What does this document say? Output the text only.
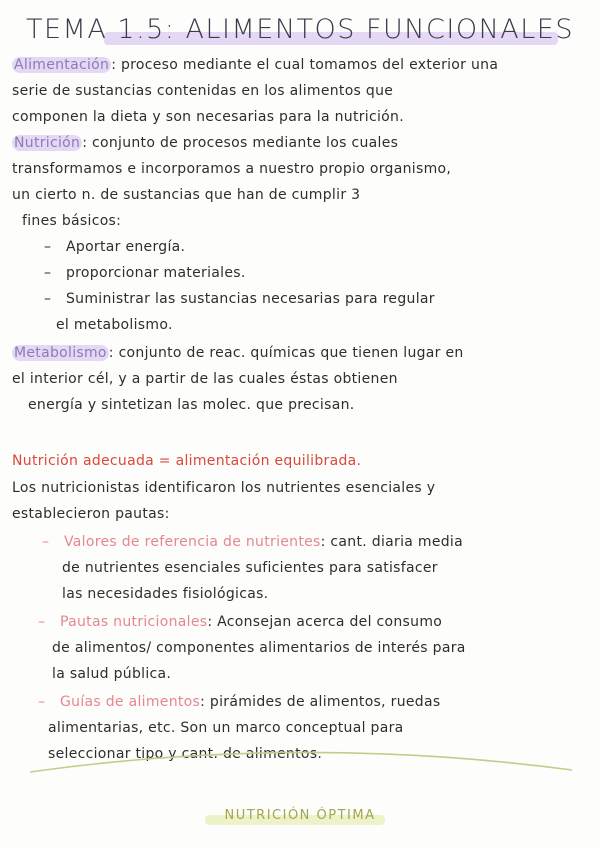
TEMA 1.5: ALIMENTOS FUNCIONALES
Alimentación : proceso mediante el cual tomamos del exterior una
serie de sustancias contenidas en los alimentos que
componen la dieta y son necesarias para la nutrición.
Nutrición : conjunto de procesos mediante los cuales
transformamos e incorporamos a nuestro propio organismo,
un cierto n. de sustancias que han de cumplir 3
fines básicos:
– Aportar energía.
– proporcionar materiales.
– Suministrar las sustancias necesarias para regular
el metabolismo.
Metabolismo : conjunto de reac. químicas que tienen lugar en
el interior cél, y a partir de las cuales éstas obtienen
energía y sintetizan las molec. que precisan.
Nutrición adecuada = alimentación equilibrada.
Los nutricionistas identificaron los nutrientes esenciales y
establecieron pautas:
– Valores de referencia de nutrientes: cant. diaria media
de nutrientes esenciales suficientes para satisfacer
las necesidades fisiológicas.
– Pautas nutricionales: Aconsejan acerca del consumo
de alimentos/ componentes alimentarios de interés para
la salud pública.
– Guías de alimentos: pirámides de alimentos, ruedas
alimentarias, etc. Son un marco conceptual para
seleccionar tipo y cant. de alimentos.
NUTRICIÓN ÓPTIMA
